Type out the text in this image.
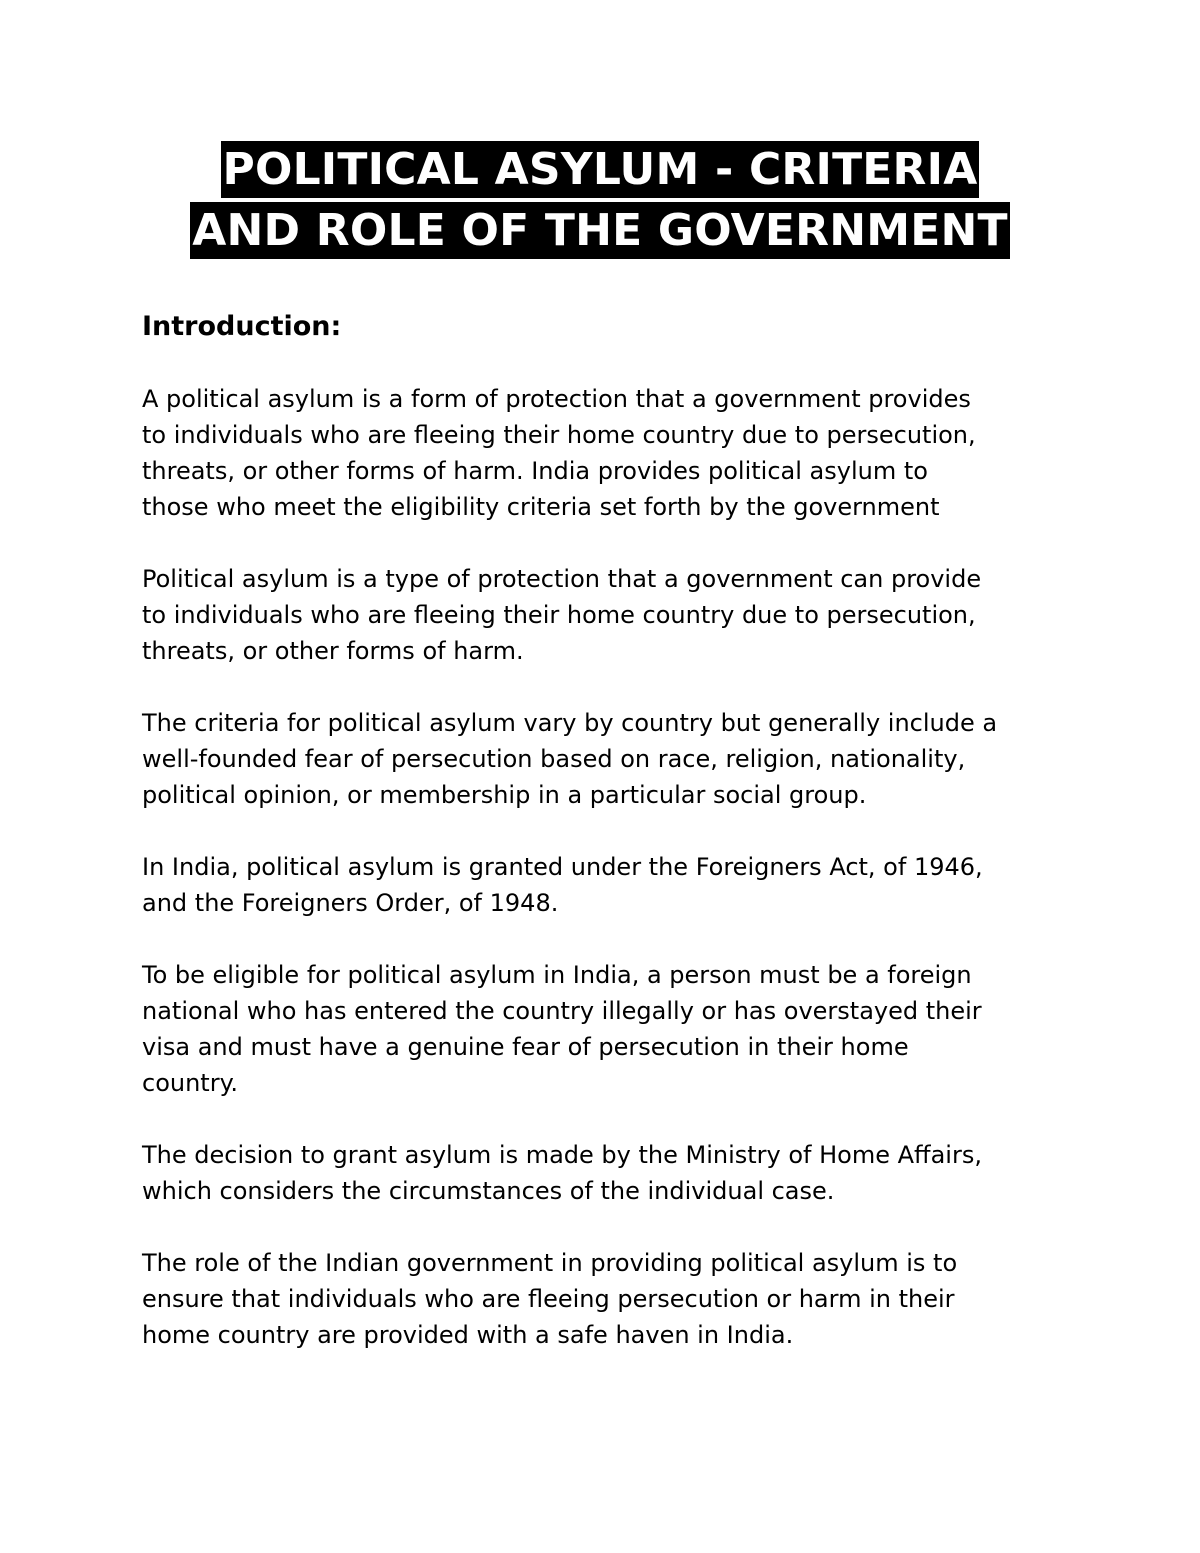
POLITICAL ASYLUM - CRITERIA
AND ROLE OF THE GOVERNMENT
Introduction:
A political asylum is a form of protection that a government provides
to individuals who are fleeing their home country due to persecution,
threats, or other forms of harm. India provides political asylum to
those who meet the eligibility criteria set forth by the government
Political asylum is a type of protection that a government can provide
to individuals who are fleeing their home country due to persecution,
threats, or other forms of harm.
The criteria for political asylum vary by country but generally include a
well-founded fear of persecution based on race, religion, nationality,
political opinion, or membership in a particular social group.
In India, political asylum is granted under the Foreigners Act, of 1946,
and the Foreigners Order, of 1948.
To be eligible for political asylum in India, a person must be a foreign
national who has entered the country illegally or has overstayed their
visa and must have a genuine fear of persecution in their home
country.
The decision to grant asylum is made by the Ministry of Home Affairs,
which considers the circumstances of the individual case.
The role of the Indian government in providing political asylum is to
ensure that individuals who are fleeing persecution or harm in their
home country are provided with a safe haven in India.
